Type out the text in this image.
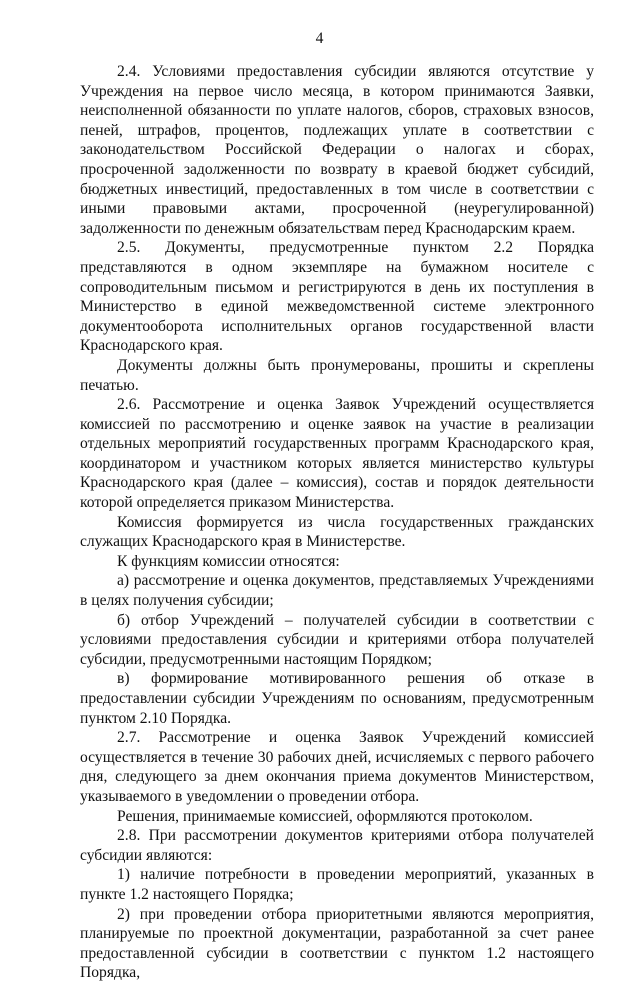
4

2.4. Условиями предоставления субсидии являются отсутствие у Учреждения на первое число месяца, в котором принимаются Заявки, неисполненной обязанности по уплате налогов, сборов, страховых взносов, пеней, штрафов, процентов, подлежащих уплате в соответствии с законодательством Российской Федерации о налогах и сборах, просроченной задолженности по возврату в краевой бюджет субсидий, бюджетных инвестиций, предоставленных в том числе в соответствии с иными правовыми актами, просроченной (неурегулированной) задолженности по денежным обязательствам перед Краснодарским краем.

2.5. Документы, предусмотренные пунктом 2.2 Порядка представляются в одном экземпляре на бумажном носителе с сопроводительным письмом и регистрируются в день их поступления в Министерство в единой межведомственной системе электронного документооборота исполнительных органов государственной власти Краснодарского края.

Документы должны быть пронумерованы, прошиты и скреплены печатью.

2.6. Рассмотрение и оценка Заявок Учреждений осуществляется комиссией по рассмотрению и оценке заявок на участие в реализации отдельных мероприятий государственных программ Краснодарского края, координатором и участником которых является министерство культуры Краснодарского края (далее – комиссия), состав и порядок деятельности которой определяется приказом Министерства.

Комиссия формируется из числа государственных гражданских служащих Краснодарского края в Министерстве.

К функциям комиссии относятся:

а) рассмотрение и оценка документов, представляемых Учреждениями в целях получения субсидии;

б) отбор Учреждений – получателей субсидии в соответствии с условиями предоставления субсидии и критериями отбора получателей субсидии, предусмотренными настоящим Порядком;

в) формирование мотивированного решения об отказе в предоставлении субсидии Учреждениям по основаниям, предусмотренным пунктом 2.10 Порядка.

2.7. Рассмотрение и оценка Заявок Учреждений комиссией осуществляется в течение 30 рабочих дней, исчисляемых с первого рабочего дня, следующего за днем окончания приема документов Министерством, указываемого в уведомлении о проведении отбора.

Решения, принимаемые комиссией, оформляются протоколом.

2.8. При рассмотрении документов критериями отбора получателей субсидии являются:

1) наличие потребности в проведении мероприятий, указанных в пункте 1.2 настоящего Порядка;

2) при проведении отбора приоритетными являются мероприятия, планируемые по проектной документации, разработанной за счет ранее предоставленной субсидии в соответствии с пунктом 1.2 настоящего Порядка,
